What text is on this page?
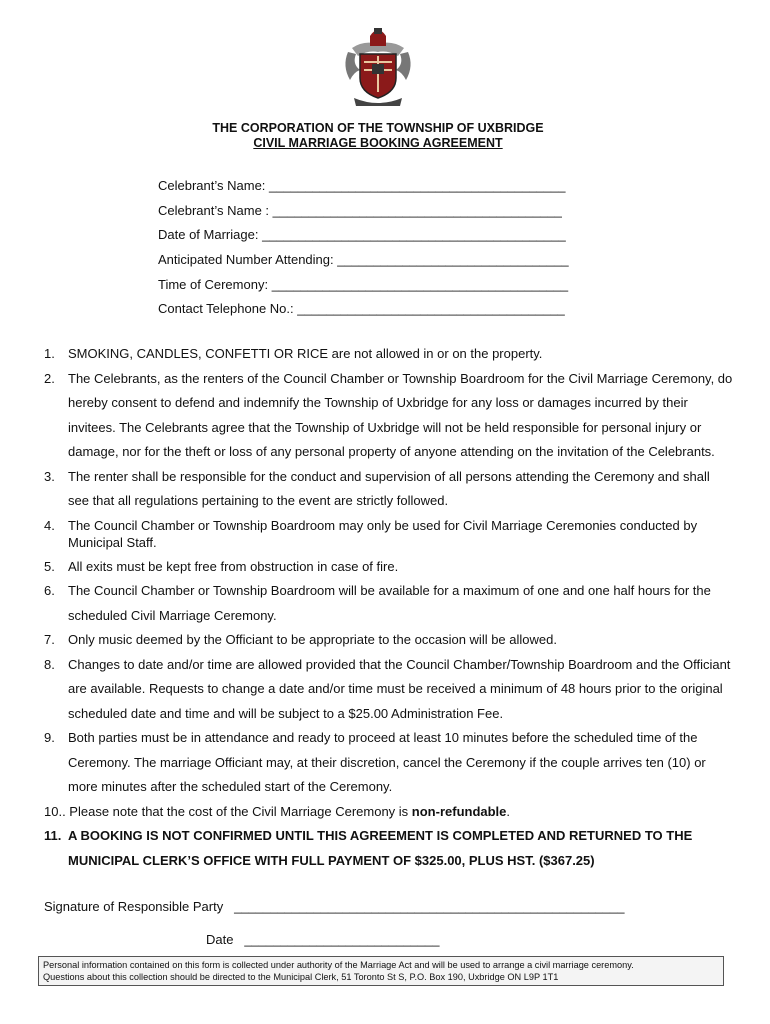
THE CORPORATION OF THE TOWNSHIP OF UXBRIDGE
CIVIL MARRIAGE BOOKING AGREEMENT
Celebrant’s Name: _________________________________________
Celebrant’s Name : ________________________________________
Date of Marriage: __________________________________________
Anticipated Number Attending: ________________________________
Time of Ceremony: _________________________________________
Contact Telephone No.: _____________________________________
1.	SMOKING, CANDLES, CONFETTI OR RICE are not allowed in or on the property.
2.	The Celebrants, as the renters of the Council Chamber or Township Boardroom for the Civil Marriage Ceremony, do hereby consent to defend and indemnify the Township of Uxbridge for any loss or damages incurred by their invitees. The Celebrants agree that the Township of Uxbridge will not be held responsible for personal injury or damage, nor for the theft or loss of any personal property of anyone attending on the invitation of the Celebrants.
3.	The renter shall be responsible for the conduct and supervision of all persons attending the Ceremony and shall see that all regulations pertaining to the event are strictly followed.
4.	The Council Chamber or Township Boardroom may only be used for Civil Marriage Ceremonies conducted by Municipal Staff.
5.	All exits must be kept free from obstruction in case of fire.
6.	The Council Chamber or Township Boardroom will be available for a maximum of one and one half hours for the scheduled Civil Marriage Ceremony.
7.	Only music deemed by the Officiant to be appropriate to the occasion will be allowed.
8.	Changes to date and/or time are allowed provided that the Council Chamber/Township Boardroom and the Officiant are available. Requests to change a date and/or time must be received a minimum of 48 hours prior to the original scheduled date and time and will be subject to a $25.00 Administration Fee.
9.	Both parties must be in attendance and ready to proceed at least 10 minutes before the scheduled time of the Ceremony. The marriage Officiant may, at their discretion, cancel the Ceremony if the couple arrives ten (10) or more minutes after the scheduled start of the Ceremony.
10. . Please note that the cost of the Civil Marriage Ceremony is non-refundable.
11. A BOOKING IS NOT CONFIRMED UNTIL THIS AGREEMENT IS COMPLETED AND RETURNED TO THE MUNICIPAL CLERK’S OFFICE WITH FULL PAYMENT OF $325.00, PLUS HST. ($367.25)
Signature of Responsible Party ______________________________________________________
Date ___________________________
Personal information contained on this form is collected under authority of the Marriage Act and will be used to arrange a civil marriage ceremony.
Questions about this collection should be directed to the Municipal Clerk, 51 Toronto St S, P.O. Box 190, Uxbridge ON L9P 1T1
